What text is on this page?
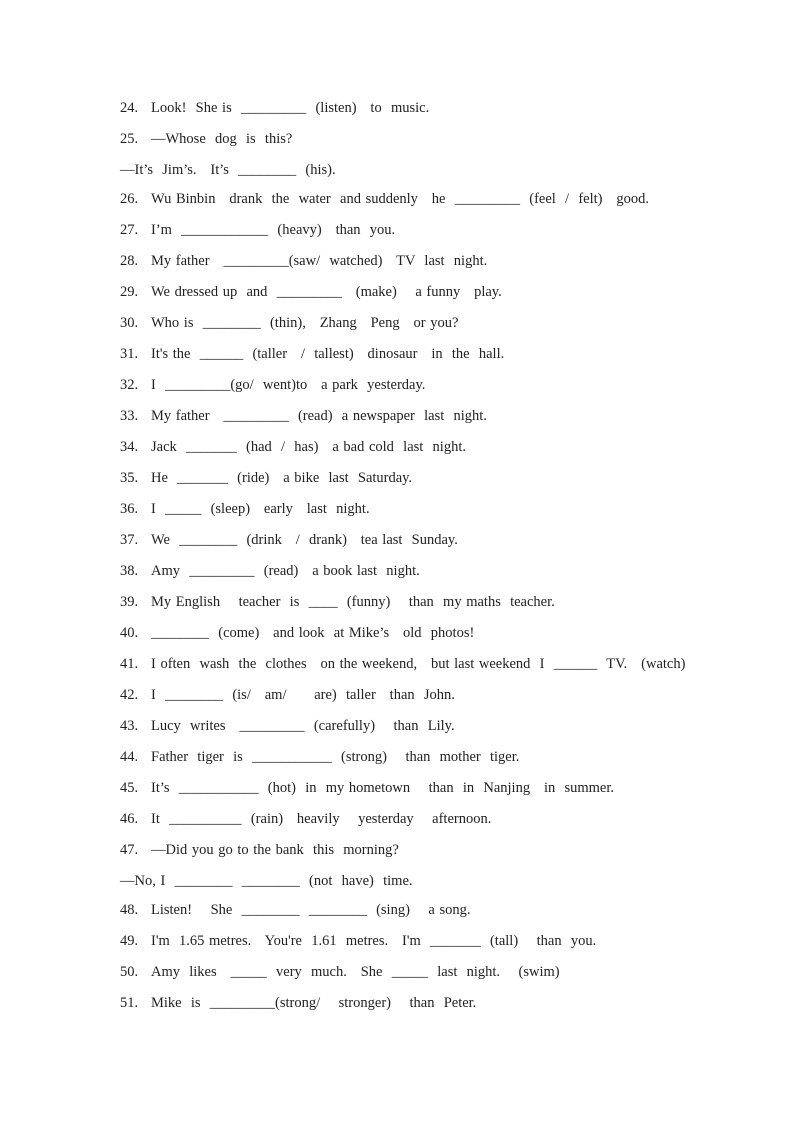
24.

Look!  She is  _________  (listen)   to  music.

25.

—Whose  dog  is  this?

—It’s  Jim’s.   It’s  ________  (his).

26.

Wu Binbin   drank  the  water  and suddenly   he  _________  (feel  /  felt)   good.

27.

I’m  ____________  (heavy)   than  you.

28.

My father   _________(saw/  watched)   TV  last  night.

29.

We dressed up  and  _________   (make)    a funny   play.

30.

Who is  ________  (thin),   Zhang   Peng   or you?

31.

It's the  ______  (taller   /  tallest)   dinosaur   in  the  hall.

32.

I  _________(go/  went)to   a park  yesterday.

33.

My father   _________  (read)  a newspaper  last  night.

34.

Jack  _______  (had  /  has)   a bad cold  last  night.

35.

He  _______  (ride)   a bike  last  Saturday.

36.

I  _____  (sleep)   early   last  night.

37.

We  ________  (drink   /  drank)   tea last  Sunday.

38.

Amy  _________  (read)   a book last  night.

39.

My English    teacher  is  ____  (funny)    than  my maths  teacher.

40.

________  (come)   and look  at Mike’s   old  photos!

41.

I often  wash  the  clothes   on the weekend,   but last weekend  I  ______  TV.   (watch)

42.

I  ________  (is/   am/      are)  taller   than  John.

43.

Lucy  writes   _________  (carefully)    than  Lily.

44.

Father  tiger  is  ___________  (strong)    than  mother  tiger.

45.

It’s  ___________  (hot)  in  my hometown    than  in  Nanjing   in  summer.

46.

It  __________  (rain)   heavily    yesterday    afternoon.

47.

—Did you go to the bank  this  morning?

—No, I  ________  ________  (not  have)  time.

48.

Listen!    She  ________  ________  (sing)    a song.

49.

I'm  1.65 metres.   You're  1.61  metres.   I'm  _______  (tall)    than  you.

50.

Amy  likes   _____  very  much.   She  _____  last  night.    (swim)

51.

Mike  is  _________(strong/    stronger)    than  Peter.
